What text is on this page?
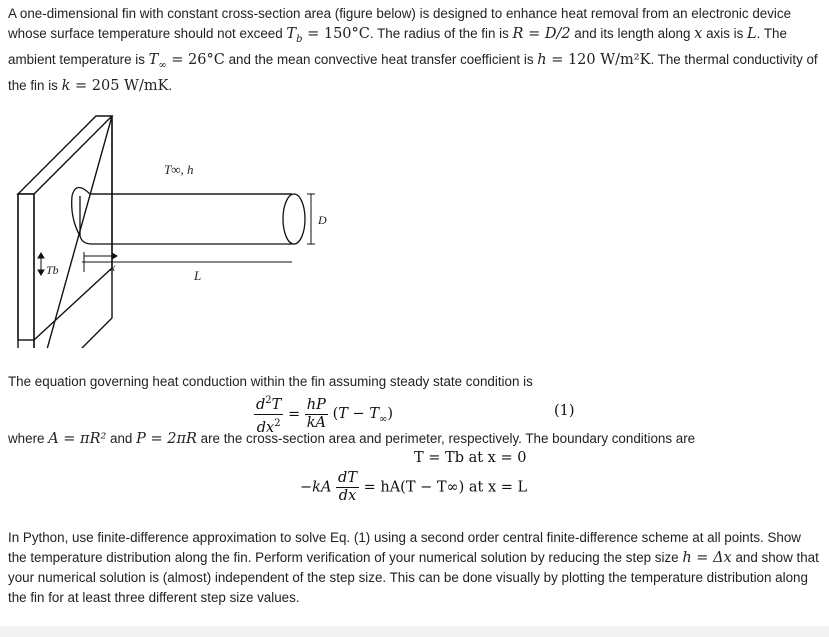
A one-dimensional fin with constant cross-section area (figure below) is designed to enhance heat removal from an electronic device whose surface temperature should not exceed $T_b = 150^\circ C$. The radius of the fin is R = D/2 and its length along x axis is L. The ambient temperature is $T_\infty = 26^\circ C$ and the mean convective heat transfer coefficient is h = 120 W/m²K. The thermal conductivity of the fin is k = 205 W/mK.
T∞, h
Tb	x
L
D
The equation governing heat conduction within the fin assuming steady state condition is
$\frac{d^2T}{dx^2} = \frac{hP}{kA} (T - T_\infty)$	(1)
where A = πR² and P = 2πR are the cross-section area and perimeter, respectively. The boundary conditions are
T = Tb at x = 0
$-kA \frac{dT}{dx} = hA(T - T\infty)$ at x = L
In Python, use finite-difference approximation to solve Eq. (1) using a second order central finite-difference scheme at all points. Show the temperature distribution along the fin. Perform verification of your numerical solution by reducing the step size h = Δx and show that your numerical solution is (almost) independent of the step size. This can be done visually by plotting the temperature distribution along the fin for at least three different step size values.
